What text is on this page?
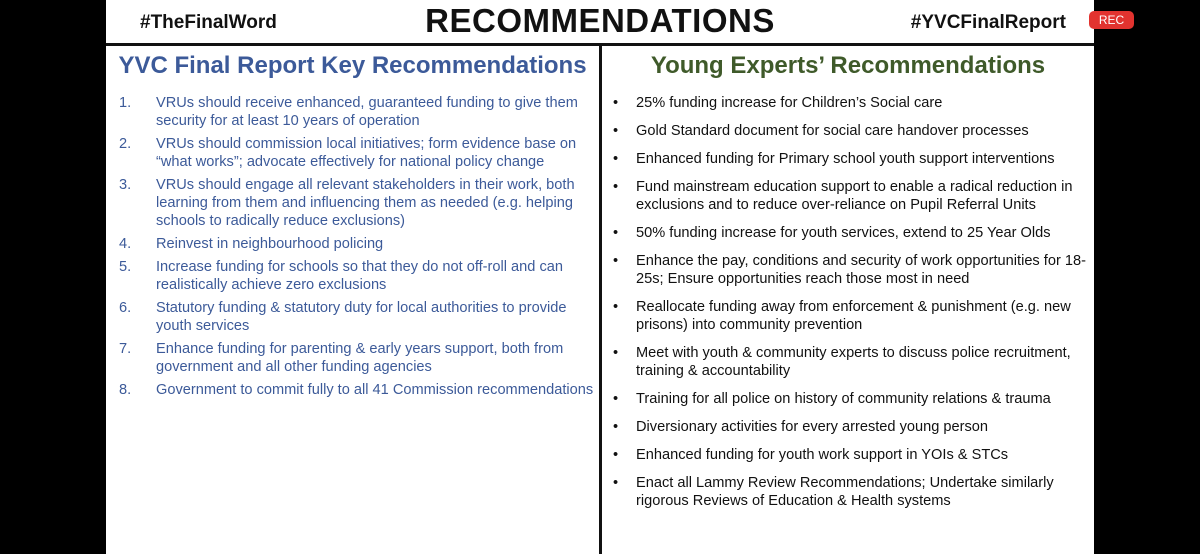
#TheFinalWord	RECOMMENDATIONS	#YVCFinalReport
YVC Final Report Key Recommendations
1. VRUs should receive enhanced, guaranteed funding to give them security for at least 10 years of operation
2. VRUs should commission local initiatives; form evidence base on “what works”; advocate effectively for national policy change
3. VRUs should engage all relevant stakeholders in their work, both learning from them and influencing them as needed (e.g. helping schools to radically reduce exclusions)
4. Reinvest in neighbourhood policing
5. Increase funding for schools so that they do not off-roll and can realistically achieve zero exclusions
6. Statutory funding & statutory duty for local authorities to provide youth services
7. Enhance funding for parenting & early years support, both from government and all other funding agencies
8. Government to commit fully to all 41 Commission recommendations
Young Experts’ Recommendations
• 25% funding increase for Children’s Social care
• Gold Standard document for social care handover processes
• Enhanced funding for Primary school youth support interventions
• Fund mainstream education support to enable a radical reduction in exclusions and to reduce over-reliance on Pupil Referral Units
• 50% funding increase for youth services, extend to 25 Year Olds
• Enhance the pay, conditions and security of work opportunities for 18-25s; Ensure opportunities reach those most in need
• Reallocate funding away from enforcement & punishment (e.g. new prisons) into community prevention
• Meet with youth & community experts to discuss police recruitment, training & accountability
• Training for all police on history of community relations & trauma
• Diversionary activities for every arrested young person
• Enhanced funding for youth work support in YOIs & STCs
• Enact all Lammy Review Recommendations; Undertake similarly rigorous Reviews of Education & Health systems
REC
